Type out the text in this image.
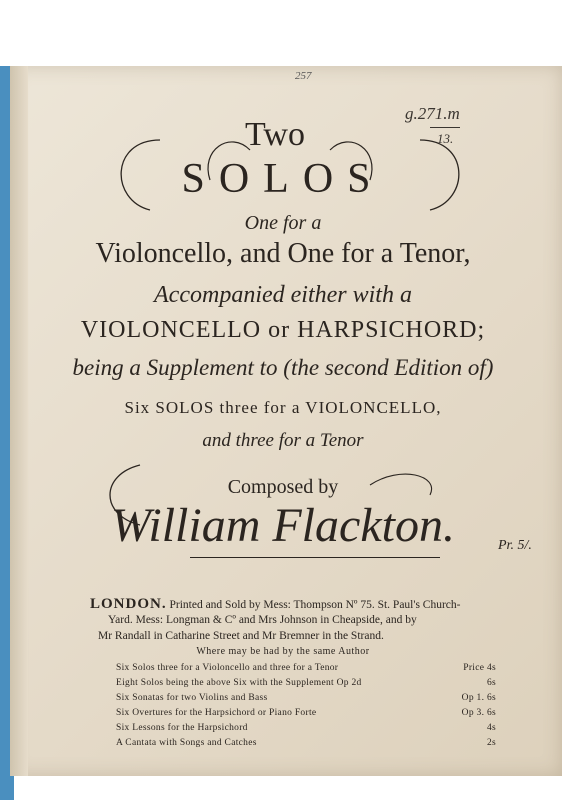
257
g.271.m
13.
Two
SOLOS
One for a
Violoncello, and One for a Tenor,
Accompanied either with a
VIOLONCELLO or HARPSICHORD;
being a Supplement to (the second Edition of)
Six SOLOS three for a VIOLONCELLO,
and three for a Tenor
Composed by
William Flackton.	Pr. 5/.
LONDON. Printed and Sold by Mess: Thompson Nº 75. St. Paul's Church-
Yard. Mess: Longman & Cº and Mrs Johnson in Cheapside, and by
Mr Randall in Catharine Street and Mr Bremner in the Strand.
Where may be had by the same Author
Six Solos three for a Violoncello and three for a Tenor	Price 4s
Eight Solos being the above Six with the Supplement Op 2d	6s
Six Sonatas for two Violins and Bass	Op 1. 6s
Six Overtures for the Harpsichord or Piano Forte	Op 3. 6s
Six Lessons for the Harpsichord	4s
A Cantata with Songs and Catches	2s
